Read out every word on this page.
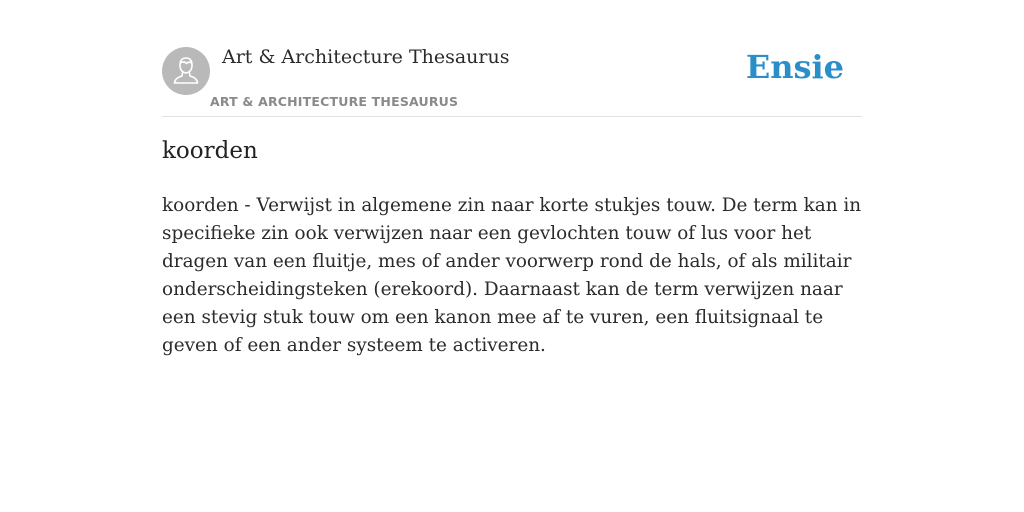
Art & Architecture Thesaurus
ART & ARCHITECTURE THESAURUS
Ensie
koorden

koorden - Verwijst in algemene zin naar korte stukjes touw. De term kan in specifieke zin ook verwijzen naar een gevlochten touw of lus voor het dragen van een fluitje, mes of ander voorwerp rond de hals, of als militair onderscheidingsteken (erekoord). Daarnaast kan de term verwijzen naar een stevig stuk touw om een kanon mee af te vuren, een fluitsignaal te geven of een ander systeem te activeren.
